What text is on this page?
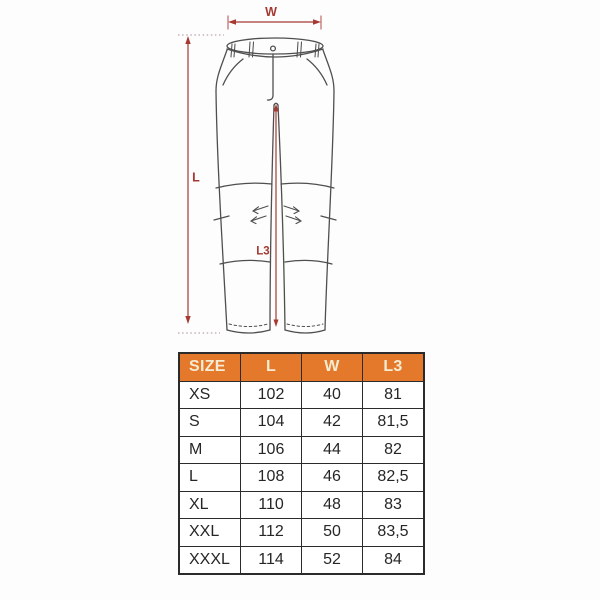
W
L
L3
SIZE	L	W	L3
XS	102	40	81
S	104	42	81,5
M	106	44	82
L	108	46	82,5
XL	110	48	83
XXL	112	50	83,5
XXXL	114	52	84
